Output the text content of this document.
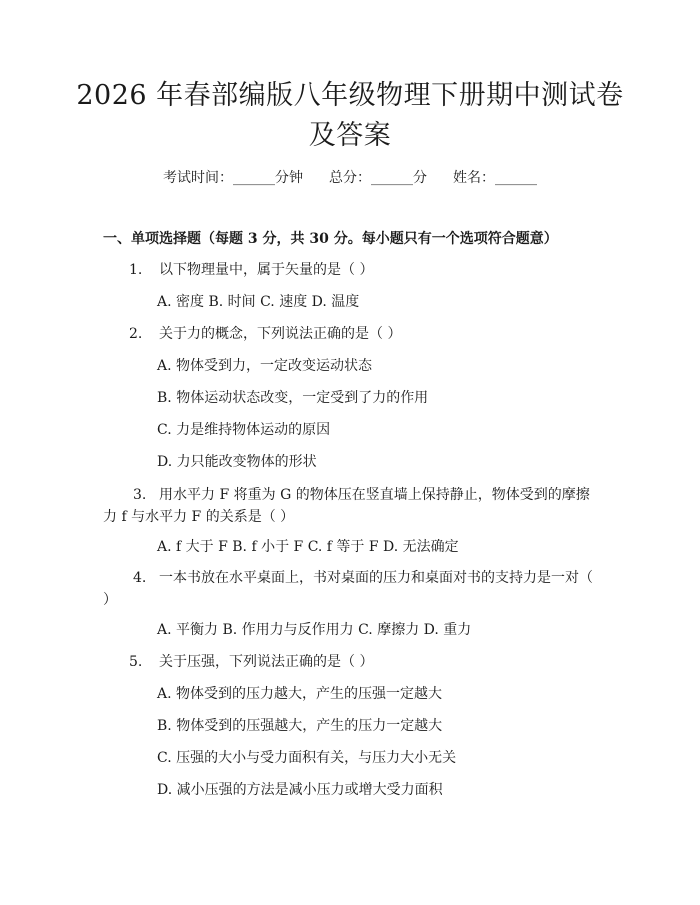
2026 年春部编版八年级物理下册期中测试卷
及答案
考试时间：______分钟 总分：______分 姓名：______
一、单项选择题（每题 3 分，共 30 分。每小题只有一个选项符合题意）
1. 以下物理量中，属于矢量的是（ ）
A. 密度 B. 时间 C. 速度 D. 温度
2. 关于力的概念，下列说法正确的是（ ）
A. 物体受到力，一定改变运动状态
B. 物体运动状态改变，一定受到了力的作用
C. 力是维持物体运动的原因
D. 力只能改变物体的形状
3. 用水平力 F 将重为 G 的物体压在竖直墙上保持静止，物体受到的摩擦力 f 与水平力 F 的关系是（ ）
A. f 大于 F B. f 小于 F C. f 等于 F D. 无法确定
4. 一本书放在水平桌面上，书对桌面的压力和桌面对书的支持力是一对（ ）
A. 平衡力 B. 作用力与反作用力 C. 摩擦力 D. 重力
5. 关于压强，下列说法正确的是（ ）
A. 物体受到的压力越大，产生的压强一定越大
B. 物体受到的压强越大，产生的压力一定越大
C. 压强的大小与受力面积有关，与压力大小无关
D. 减小压强的方法是减小压力或增大受力面积
